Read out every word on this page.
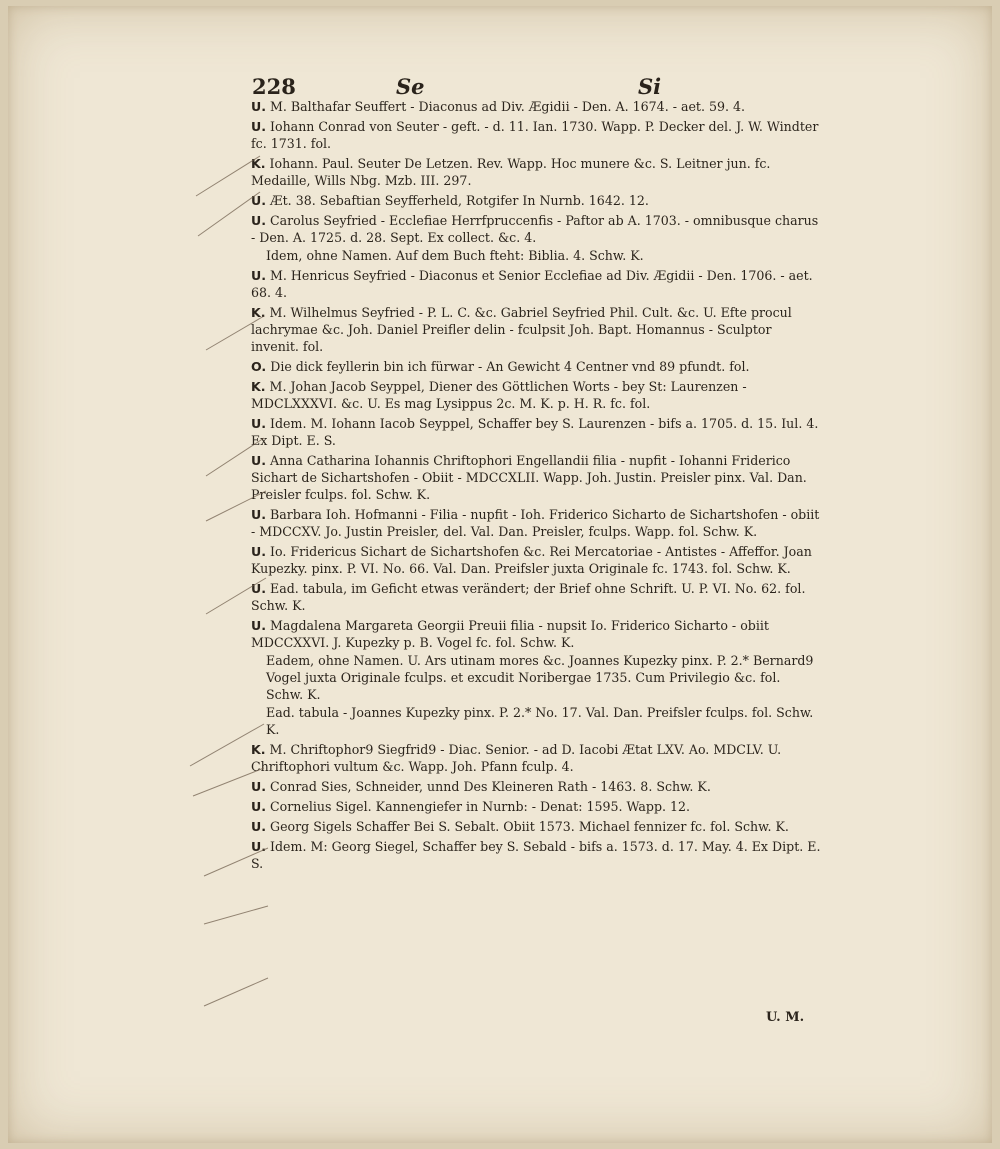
228	Se	Si
U. M. Balthafar Seuffert - Diaconus ad Div. Ægidii - Den. A. 1674. - aet. 59. 4.
U. Iohann Conrad von Seuter - geft. - d. 11. Ian. 1730. Wapp. P. Decker del. J. W. Windter fc. 1731. fol.
K. Iohann. Paul. Seuter De Letzen. Rev. Wapp. Hoc munere &c. S. Leitner jun. fc. Medaille, Wills Nbg. Mzb. III. 297.
U. Æt. 38. Sebaftian Seyfferheld, Rotgifer In Nurnb. 1642. 12.
U. Carolus Seyfried - Ecclefiae Herrfpruccenfis - Paftor ab A. 1703. - omnibusque charus - Den. A. 1725. d. 28. Sept. Ex collect. &c. 4.
Idem, ohne Namen. Auf dem Buch fteht: Biblia. 4. Schw. K.
U. M. Henricus Seyfried - Diaconus et Senior Ecclefiae ad Div. Ægidii - Den. 1706. - aet. 68. 4.
K. M. Wilhelmus Seyfried - P. L. C. &c. Gabriel Seyfried Phil. Cult. &c. U. Efte procul lachrymae &c. Joh. Daniel Preifler delin - fculpsit Joh. Bapt. Homannus - Sculptor invenit. fol.
O. Die dick feyllerin bin ich fürwar - An Gewicht 4 Centner vnd 89 pfundt. fol.
K. M. Johan Jacob Seyppel, Diener des Göttlichen Worts - bey St: Laurenzen - MDCLXXXVI. &c. U. Es mag Lysippus 2c. M. K. p. H. R. fc. fol.
U. Idem. M. Iohann Iacob Seyppel, Schaffer bey S. Laurenzen - bifs a. 1705. d. 15. Iul. 4. Ex Dipt. E. S.
U. Anna Catharina Iohannis Chriftophori Engellandii filia - nupfit - Iohanni Friderico Sichart de Sichartshofen - Obiit - MDCCXLII. Wapp. Joh. Justin. Preisler pinx. Val. Dan. Preisler fculps. fol. Schw. K.
U. Barbara Ioh. Hofmanni - Filia - nupfit - Ioh. Friderico Sicharto de Sichartshofen - obiit - MDCCXV. Jo. Justin Preisler, del. Val. Dan. Preisler, fculps. Wapp. fol. Schw. K.
U. Io. Fridericus Sichart de Sichartshofen &c. Rei Mercatoriae - Antistes - Affeffor. Joan Kupezky. pinx. P. VI. No. 66. Val. Dan. Preifsler juxta Originale fc. 1743. fol. Schw. K.
U. Ead. tabula, im Geficht etwas verändert; der Brief ohne Schrift. U. P. VI. No. 62. fol. Schw. K.
U. Magdalena Margareta Georgii Preuii filia - nupsit Io. Friderico Sicharto - obiit MDCCXXVI. J. Kupezky p. B. Vogel fc. fol. Schw. K.
Eadem, ohne Namen. U. Ars utinam mores &c. Joannes Kupezky pinx. P. 2.* Bernard9 Vogel juxta Originale fculps. et excudit Noribergae 1735. Cum Privilegio &c. fol. Schw. K.
Ead. tabula - Joannes Kupezky pinx. P. 2.* No. 17. Val. Dan. Preifsler fculps. fol. Schw. K.
K. M. Chriftophor9 Siegfrid9 - Diac. Senior. - ad D. Iacobi Ætat LXV. Ao. MDCLV. U. Chriftophori vultum &c. Wapp. Joh. Pfann fculp. 4.
U. Conrad Sies, Schneider, unnd Des Kleineren Rath - 1463. 8. Schw. K.
U. Cornelius Sigel. Kannengiefer in Nurnb: - Denat: 1595. Wapp. 12.
U. Georg Sigels Schaffer Bei S. Sebalt. Obiit 1573. Michael fennizer fc. fol. Schw. K.
U. Idem. M: Georg Siegel, Schaffer bey S. Sebald - bifs a. 1573. d. 17. May. 4. Ex Dipt. E. S.
U. M.
